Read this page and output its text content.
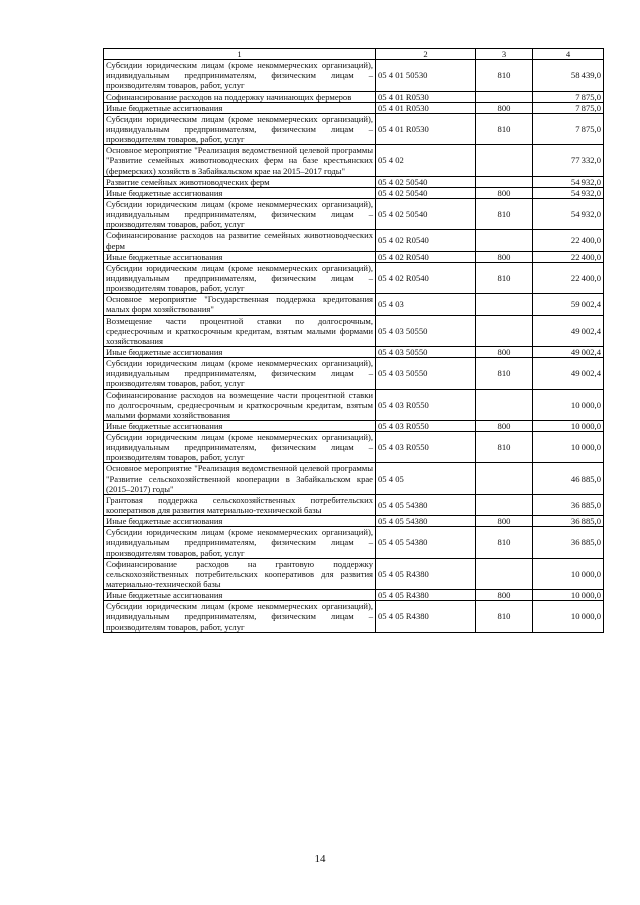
1	2	3	4
Субсидии юридическим лицам (кроме некоммерческих организаций), индивидуальным предпринимателям, физическим лицам – производителям товаров, работ, услуг	05 4 01 50530	810	58 439,0
Софинансирование расходов на поддержку начинающих фермеров	05 4 01 R0530		7 875,0
Иные бюджетные ассигнования	05 4 01 R0530	800	7 875,0
Субсидии юридическим лицам (кроме некоммерческих организаций), индивидуальным предпринимателям, физическим лицам – производителям товаров, работ, услуг	05 4 01 R0530	810	7 875,0
Основное мероприятие "Реализация ведомственной целевой программы "Развитие семейных животноводческих ферм на базе крестьянских (фермерских) хозяйств в Забайкальском крае на 2015–2017 годы"	05 4 02		77 332,0
Развитие семейных животноводческих ферм	05 4 02 50540		54 932,0
Иные бюджетные ассигнования	05 4 02 50540	800	54 932,0
Субсидии юридическим лицам (кроме некоммерческих организаций), индивидуальным предпринимателям, физическим лицам – производителям товаров, работ, услуг	05 4 02 50540	810	54 932,0
Софинансирование расходов на развитие семейных животноводческих ферм	05 4 02 R0540		22 400,0
Иные бюджетные ассигнования	05 4 02 R0540	800	22 400,0
Субсидии юридическим лицам (кроме некоммерческих организаций), индивидуальным предпринимателям, физическим лицам – производителям товаров, работ, услуг	05 4 02 R0540	810	22 400,0
Основное мероприятие "Государственная поддержка кредитования малых форм хозяйствования"	05 4 03		59 002,4
Возмещение части процентной ставки по долгосрочным, среднесрочным и краткосрочным кредитам, взятым малыми формами хозяйствования	05 4 03 50550		49 002,4
Иные бюджетные ассигнования	05 4 03 50550	800	49 002,4
Субсидии юридическим лицам (кроме некоммерческих организаций), индивидуальным предпринимателям, физическим лицам – производителям товаров, работ, услуг	05 4 03 50550	810	49 002,4
Софинансирование расходов на возмещение части процентной ставки по долгосрочным, среднесрочным и краткосрочным кредитам, взятым малыми формами хозяйствования	05 4 03 R0550		10 000,0
Иные бюджетные ассигнования	05 4 03 R0550	800	10 000,0
Субсидии юридическим лицам (кроме некоммерческих организаций), индивидуальным предпринимателям, физическим лицам – производителям товаров, работ, услуг	05 4 03 R0550	810	10 000,0
Основное мероприятие "Реализация ведомственной целевой программы "Развитие сельскохозяйственной кооперации в Забайкальском крае (2015–2017) годы"	05 4 05		46 885,0
Грантовая поддержка сельскохозяйственных потребительских кооперативов для развития материально-технической базы	05 4 05 54380		36 885,0
Иные бюджетные ассигнования	05 4 05 54380	800	36 885,0
Субсидии юридическим лицам (кроме некоммерческих организаций), индивидуальным предпринимателям, физическим лицам – производителям товаров, работ, услуг	05 4 05 54380	810	36 885,0
Софинансирование расходов на грантовую поддержку сельскохозяйственных потребительских кооперативов для развития материально-технической базы	05 4 05 R4380		10 000,0
Иные бюджетные ассигнования	05 4 05 R4380	800	10 000,0
Субсидии юридическим лицам (кроме некоммерческих организаций), индивидуальным предпринимателям, физическим лицам – производителям товаров, работ, услуг	05 4 05 R4380	810	10 000,0
14
